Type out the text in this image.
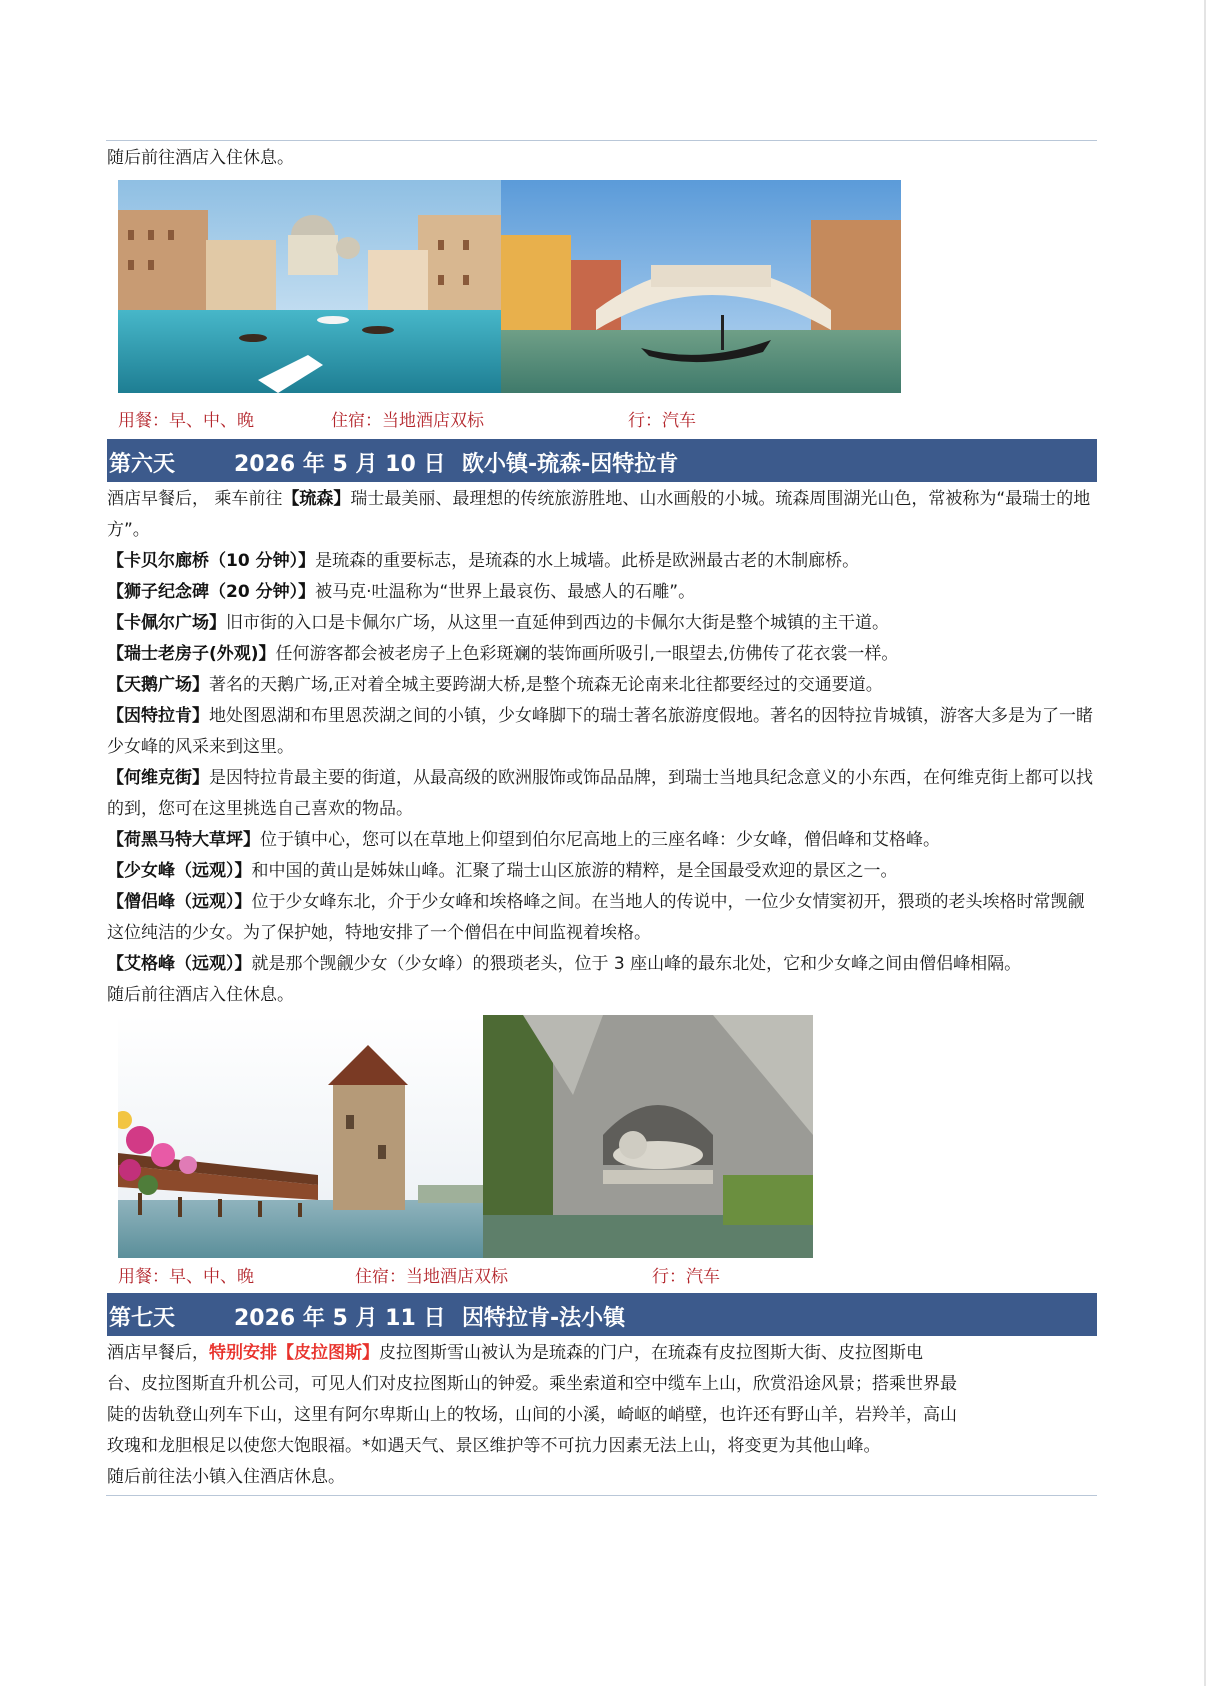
随后前往酒店入住休息。

用餐：早、中、晚	住宿：当地酒店双标	行：汽车
第六天	2026 年 5 月 10 日 欧小镇-琉森-因特拉肯

酒店早餐后， 乘车前往【琉森】瑞士最美丽、最理想的传统旅游胜地、山水画般的小城。琉森周围湖光山色，常被称为“最瑞士的地方”。

【卡贝尔廊桥（10 分钟）】是琉森的重要标志，是琉森的水上城墙。此桥是欧洲最古老的木制廊桥。

【狮子纪念碑（20 分钟）】被马克·吐温称为“世界上最哀伤、最感人的石雕”。

【卡佩尔广场】旧市街的入口是卡佩尔广场，从这里一直延伸到西边的卡佩尔大街是整个城镇的主干道。

【瑞士老房子(外观)】任何游客都会被老房子上色彩斑斓的装饰画所吸引,一眼望去,仿佛传了花衣裳一样。

【天鹅广场】著名的天鹅广场,正对着全城主要跨湖大桥,是整个琉森无论南来北往都要经过的交通要道。

【因特拉肯】地处图恩湖和布里恩茨湖之间的小镇，少女峰脚下的瑞士著名旅游度假地。著名的因特拉肯城镇，游客大多是为了一睹少女峰的风采来到这里。

【何维克街】是因特拉肯最主要的街道，从最高级的欧洲服饰或饰品品牌，到瑞士当地具纪念意义的小东西，在何维克街上都可以找的到，您可在这里挑选自己喜欢的物品。

【荷黑马特大草坪】位于镇中心，您可以在草地上仰望到伯尔尼高地上的三座名峰：少女峰，僧侣峰和艾格峰。

【少女峰（远观）】和中国的黄山是姊妹山峰。汇聚了瑞士山区旅游的精粹，是全国最受欢迎的景区之一。

【僧侣峰（远观）】位于少女峰东北，介于少女峰和埃格峰之间。在当地人的传说中，一位少女情窦初开，猥琐的老头埃格时常觊觎这位纯洁的少女。为了保护她，特地安排了一个僧侣在中间监视着埃格。

【艾格峰（远观）】就是那个觊觎少女（少女峰）的猥琐老头，位于 3 座山峰的最东北处，它和少女峰之间由僧侣峰相隔。

随后前往酒店入住休息。

用餐：早、中、晚	住宿：当地酒店双标	行：汽车
第七天	2026 年 5 月 11 日 因特拉肯-法小镇

酒店早餐后，特别安排【皮拉图斯】皮拉图斯雪山被认为是琉森的门户，在琉森有皮拉图斯大街、皮拉图斯电

台、皮拉图斯直升机公司，可见人们对皮拉图斯山的钟爱。乘坐索道和空中缆车上山，欣赏沿途风景；搭乘世界最陡的齿轨登山列车下山，这里有阿尔卑斯山上的牧场，山间的小溪，崎岖的峭壁，也许还有野山羊，岩羚羊，高山玫瑰和龙胆根足以使您大饱眼福。*如遇天气、景区维护等不可抗力因素无法上山，将变更为其他山峰。

随后前往法小镇入住酒店休息。
